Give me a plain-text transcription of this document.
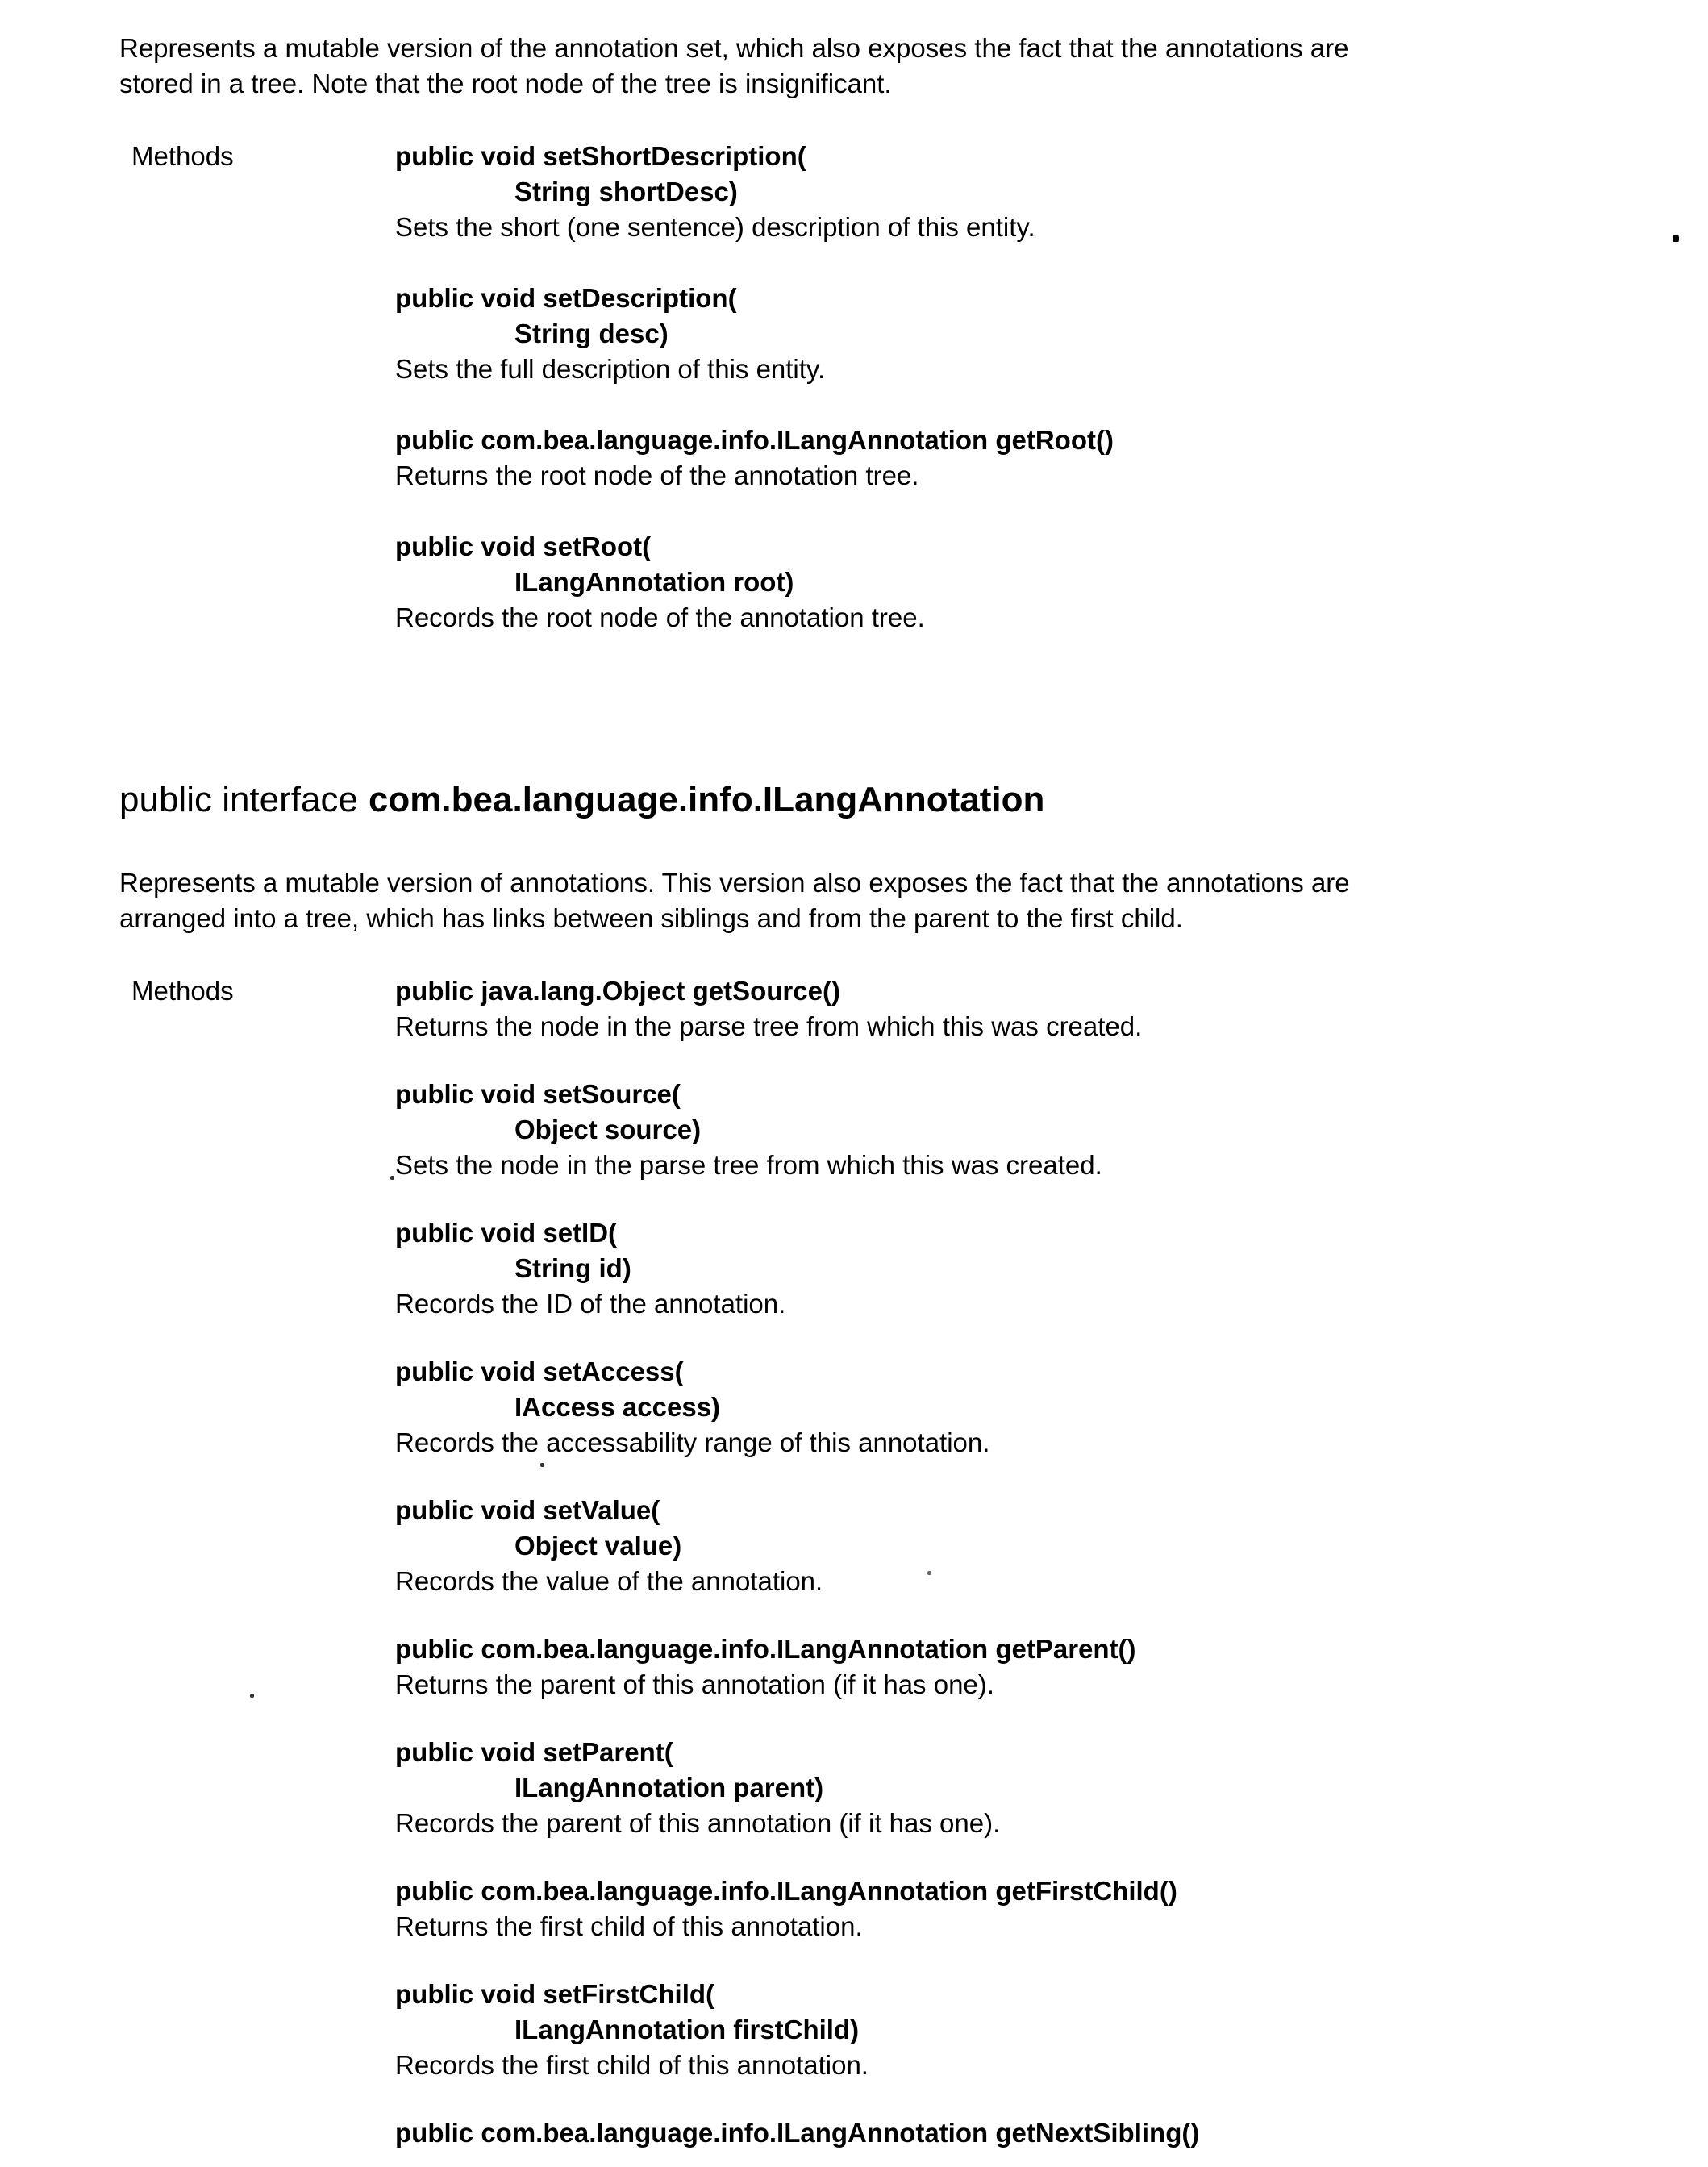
Represents a mutable version of the annotation set, which also exposes the fact that the annotations are
stored in a tree. Note that the root node of the tree is insignificant.
Methods	public void setShortDescription(
String shortDesc)
Sets the short (one sentence) description of this entity.
public void setDescription(
String desc)
Sets the full description of this entity.
public com.bea.language.info.ILangAnnotation getRoot()
Returns the root node of the annotation tree.
public void setRoot(
ILangAnnotation root)
Records the root node of the annotation tree.
public interface com.bea.language.info.ILangAnnotation
Represents a mutable version of annotations. This version also exposes the fact that the annotations are
arranged into a tree, which has links between siblings and from the parent to the first child.
Methods	public java.lang.Object getSource()
Returns the node in the parse tree from which this was created.
public void setSource(
Object source)
Sets the node in the parse tree from which this was created.
public void setID(
String id)
Records the ID of the annotation.
public void setAccess(
IAccess access)
Records the accessability range of this annotation.
public void setValue(
Object value)
Records the value of the annotation.
public com.bea.language.info.ILangAnnotation getParent()
Returns the parent of this annotation (if it has one).
public void setParent(
ILangAnnotation parent)
Records the parent of this annotation (if it has one).
public com.bea.language.info.ILangAnnotation getFirstChild()
Returns the first child of this annotation.
public void setFirstChild(
ILangAnnotation firstChild)
Records the first child of this annotation.
public com.bea.language.info.ILangAnnotation getNextSibling()
